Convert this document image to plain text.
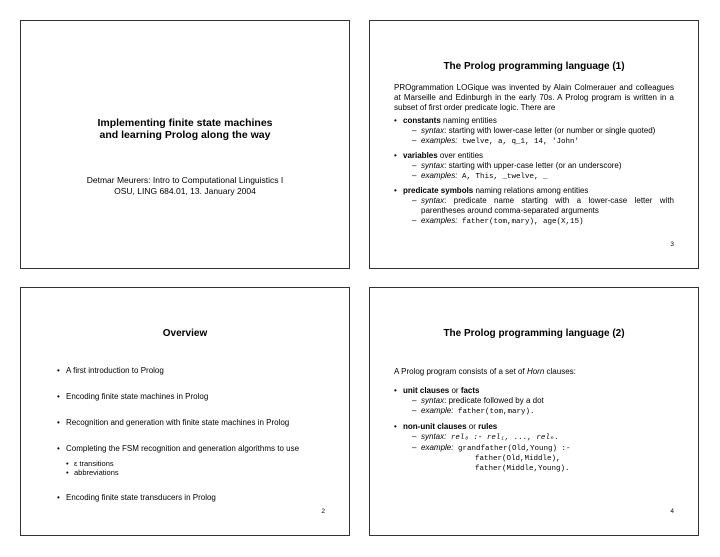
Implementing finite state machines
and learning Prolog along the way
Detmar Meurers: Intro to Computational Linguistics I
OSU, LING 684.01, 13. January 2004
The Prolog programming language (1)
PROgrammation LOGique was invented by Alain Colmerauer and colleagues at Marseille and Edinburgh in the early 70s. A Prolog program is written in a subset of first order predicate logic. There are
• constants naming entities
– syntax: starting with lower-case letter (or number or single quoted)
– examples: twelve, a, q_1, 14, 'John'
• variables over entities
– syntax: starting with upper-case letter (or an underscore)
– examples: A, This, _twelve, _
• predicate symbols naming relations among entities
– syntax: predicate name starting with a lower-case letter with parentheses around comma-separated arguments
– examples: father(tom,mary), age(X,15)
3
Overview
• A first introduction to Prolog
• Encoding finite state machines in Prolog
• Recognition and generation with finite state machines in Prolog
• Completing the FSM recognition and generation algorithms to use
• ε transitions
• abbreviations
• Encoding finite state transducers in Prolog
2
The Prolog programming language (2)
A Prolog program consists of a set of Horn clauses:
• unit clauses or facts
– syntax: predicate followed by a dot
– example: father(tom,mary).
• non-unit clauses or rules
– syntax: rel₀ :- rel₁, ..., relₙ.
– example: grandfather(Old,Young) :-
father(Old,Middle),
father(Middle,Young).
4
